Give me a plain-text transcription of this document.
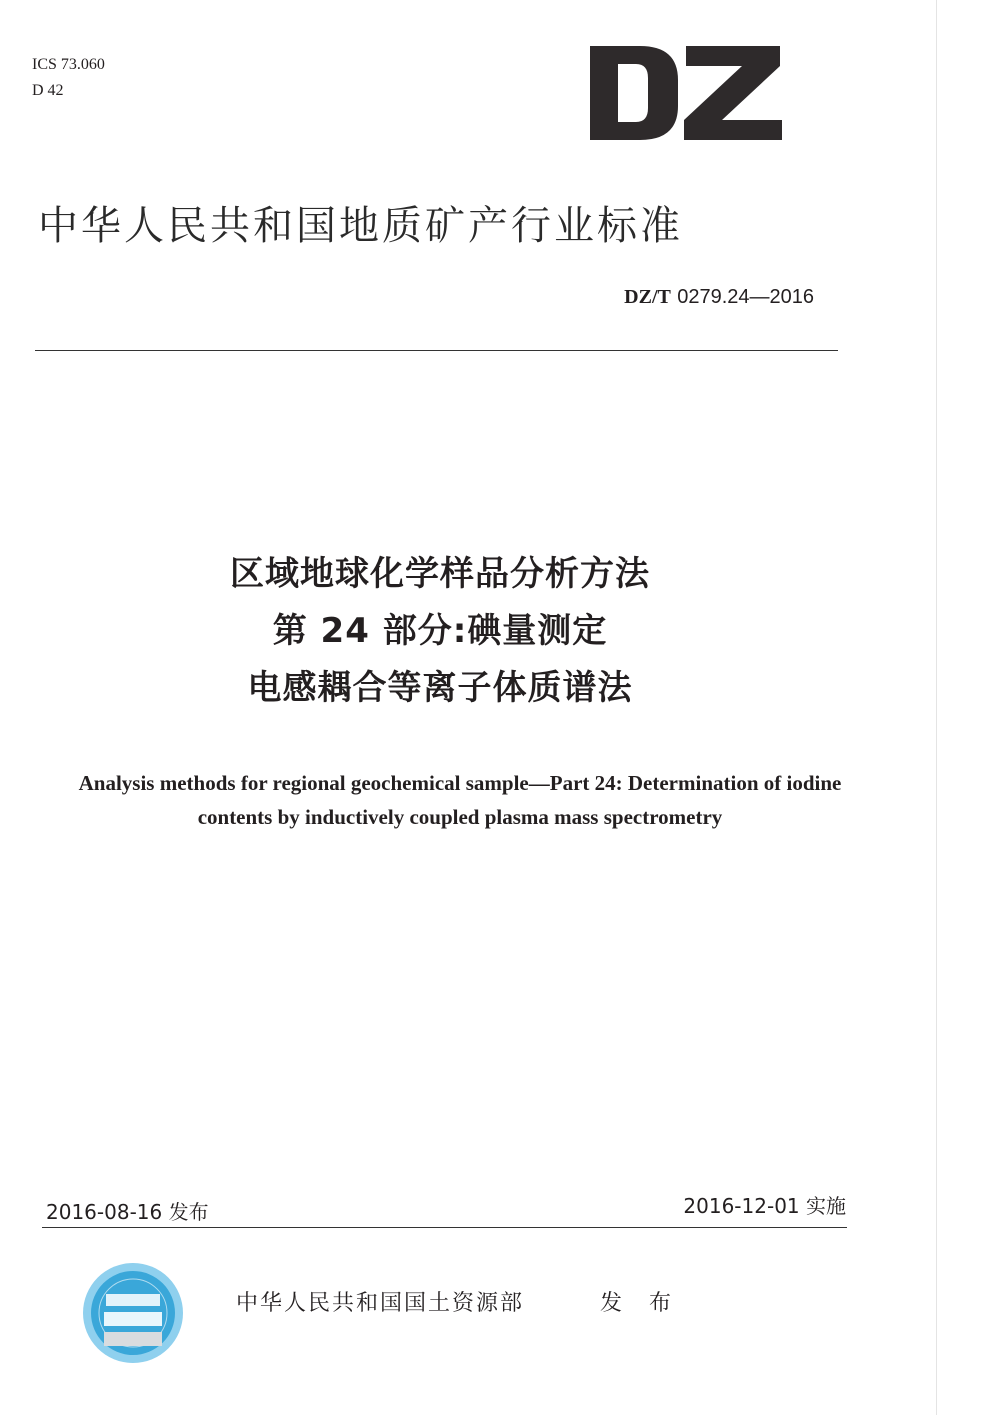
ICS 73.060
D 42
中华人民共和国地质矿产行业标准
DZ/T 0279.24—2016
区域地球化学样品分析方法
第 24 部分:碘量测定
电感耦合等离子体质谱法
Analysis methods for regional geochemical sample—Part 24: Determination of iodine contents by inductively coupled plasma mass spectrometry
2016-08-16 发布	2016-12-01 实施
中华人民共和国国土资源部	发 布
